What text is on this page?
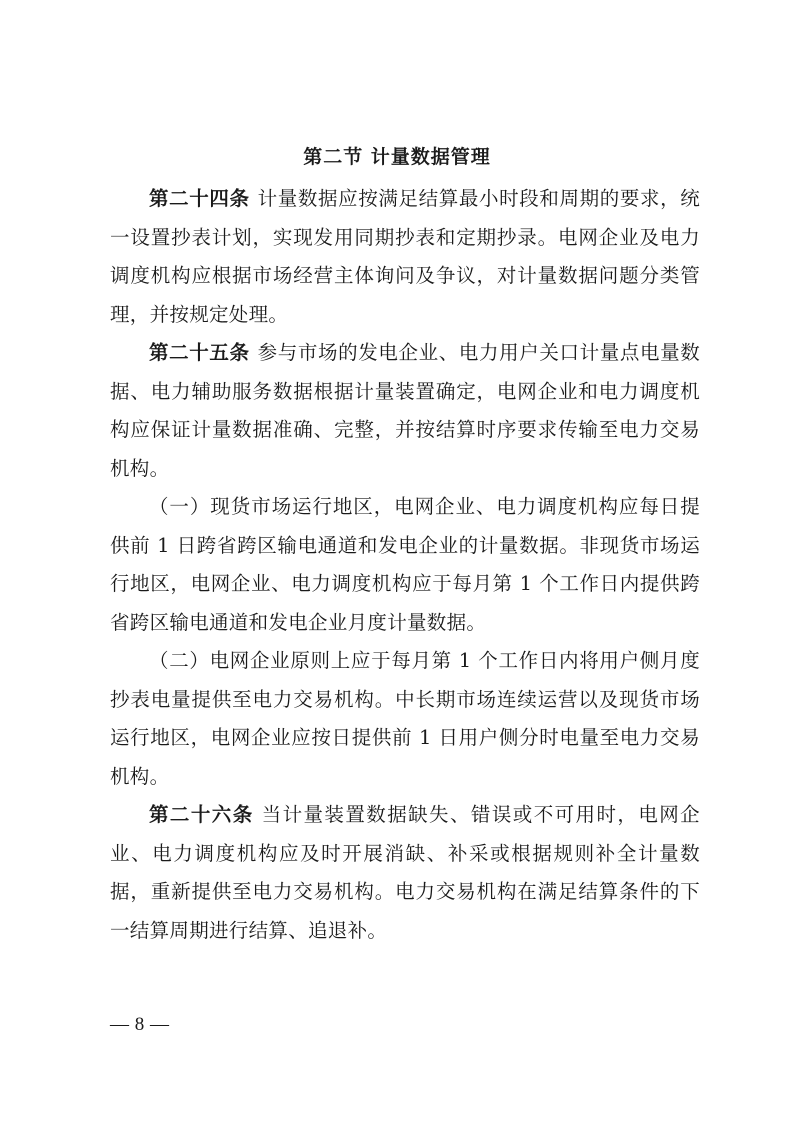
第二节 计量数据管理

第二十四条 计量数据应按满足结算最小时段和周期的要求，统一设置抄表计划，实现发用同期抄表和定期抄录。电网企业及电力调度机构应根据市场经营主体询问及争议，对计量数据问题分类管理，并按规定处理。

第二十五条 参与市场的发电企业、电力用户关口计量点电量数据、电力辅助服务数据根据计量装置确定，电网企业和电力调度机构应保证计量数据准确、完整，并按结算时序要求传输至电力交易机构。

（一）现货市场运行地区，电网企业、电力调度机构应每日提供前 1 日跨省跨区输电通道和发电企业的计量数据。非现货市场运行地区，电网企业、电力调度机构应于每月第 1 个工作日内提供跨省跨区输电通道和发电企业月度计量数据。

（二）电网企业原则上应于每月第 1 个工作日内将用户侧月度抄表电量提供至电力交易机构。中长期市场连续运营以及现货市场运行地区，电网企业应按日提供前 1 日用户侧分时电量至电力交易机构。

第二十六条 当计量装置数据缺失、错误或不可用时，电网企业、电力调度机构应及时开展消缺、补采或根据规则补全计量数据，重新提供至电力交易机构。电力交易机构在满足结算条件的下一结算周期进行结算、追退补。

— 8 —
